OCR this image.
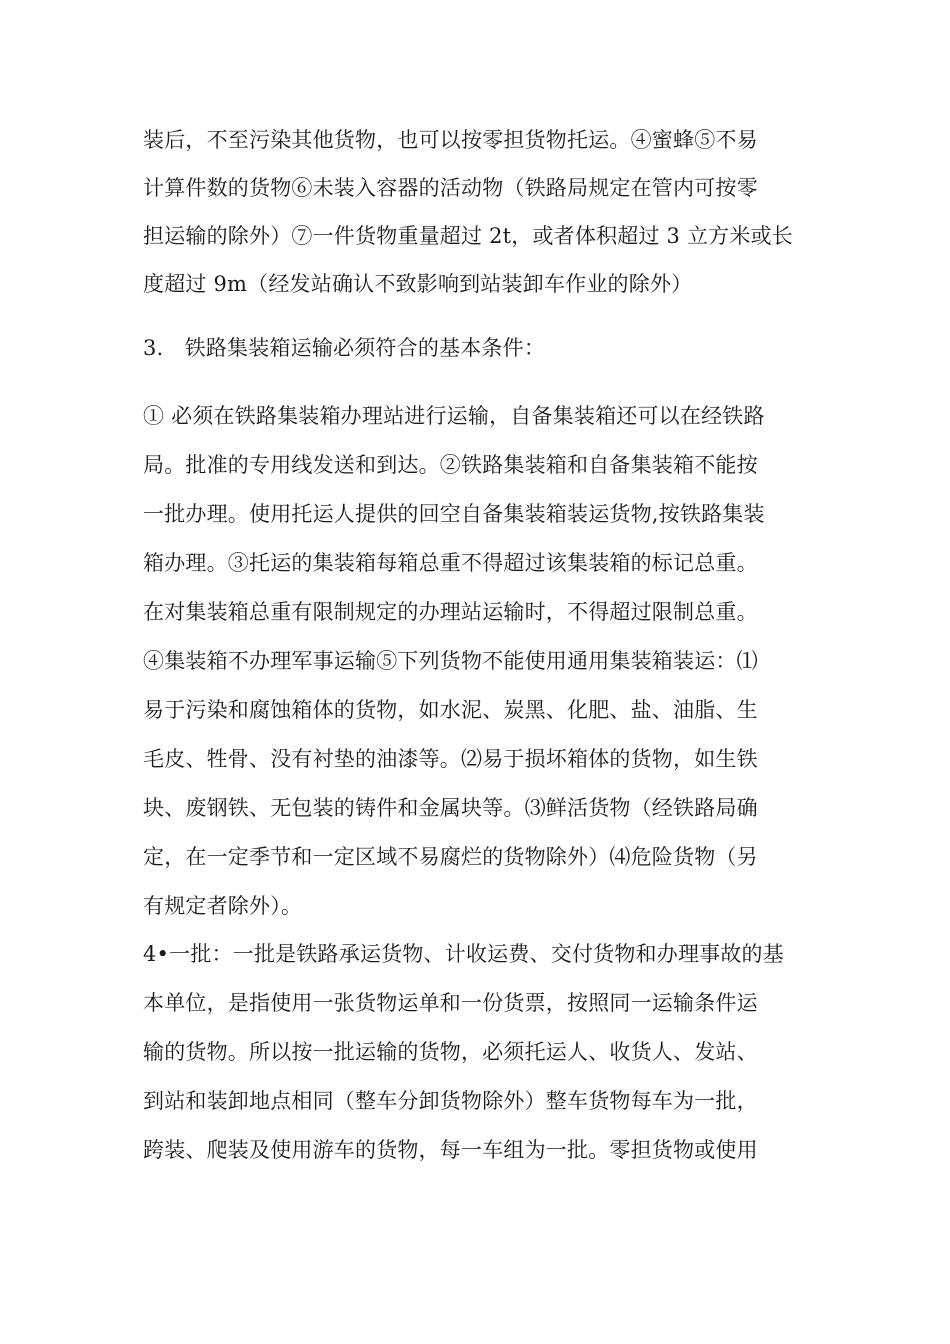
装后，不至污染其他货物，也可以按零担货物托运。④蜜蜂⑤不易
计算件数的货物⑥未装入容器的活动物（铁路局规定在管内可按零
担运输的除外）⑦一件货物重量超过 2t，或者体积超过 3 立方米或长
度超过 9m（经发站确认不致影响到站装卸车作业的除外）
3.　铁路集装箱运输必须符合的基本条件：
① 必须在铁路集装箱办理站进行运输，自备集装箱还可以在经铁路
局。批准的专用线发送和到达。②铁路集装箱和自备集装箱不能按
一批办理。使用托运人提供的回空自备集装箱装运货物,按铁路集装
箱办理。③托运的集装箱每箱总重不得超过该集装箱的标记总重。
在对集装箱总重有限制规定的办理站运输时，不得超过限制总重。
④集装箱不办理军事运输⑤下列货物不能使用通用集装箱装运：⑴
易于污染和腐蚀箱体的货物，如水泥、炭黑、化肥、盐、油脂、生
毛皮、牲骨、没有衬垫的油漆等。⑵易于损坏箱体的货物，如生铁
块、废钢铁、无包装的铸件和金属块等。⑶鲜活货物（经铁路局确
定，在一定季节和一定区域不易腐烂的货物除外）⑷危险货物（另
有规定者除外）。
4•一批：一批是铁路承运货物、计收运费、交付货物和办理事故的基
本单位，是指使用一张货物运单和一份货票，按照同一运输条件运
输的货物。所以按一批运输的货物，必须托运人、收货人、发站、
到站和装卸地点相同（整车分卸货物除外）整车货物每车为一批，
跨装、爬装及使用游车的货物，每一车组为一批。零担货物或使用
